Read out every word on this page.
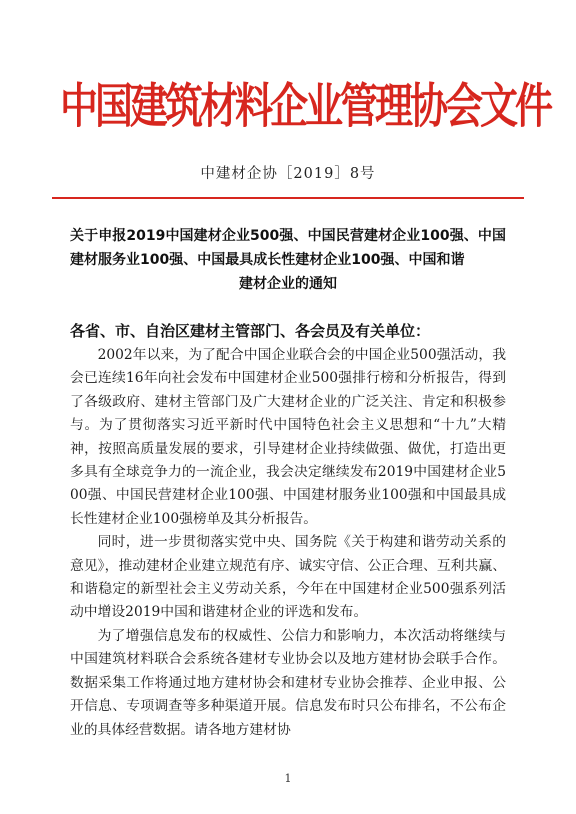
中国建筑材料企业管理协会文件
中建材企协［2019］8号
关于申报2019中国建材企业500强、中国民营建材企业100强、中国建材服务业100强、中国最具成长性建材企业100强、中国和谐
建材企业的通知
各省、市、自治区建材主管部门、各会员及有关单位：

2002年以来，为了配合中国企业联合会的中国企业500强活动，我会已连续16年向社会发布中国建材企业500强排行榜和分析报告，得到了各级政府、建材主管部门及广大建材企业的广泛关注、肯定和积极参与。为了贯彻落实习近平新时代中国特色社会主义思想和“十九”大精神，按照高质量发展的要求，引导建材企业持续做强、做优，打造出更多具有全球竞争力的一流企业，我会决定继续发布2019中国建材企业500强、中国民营建材企业100强、中国建材服务业100强和中国最具成长性建材企业100强榜单及其分析报告。

同时，进一步贯彻落实党中央、国务院《关于构建和谐劳动关系的意见》，推动建材企业建立规范有序、诚实守信、公正合理、互利共赢、和谐稳定的新型社会主义劳动关系，今年在中国建材企业500强系列活动中增设2019中国和谐建材企业的评选和发布。

为了增强信息发布的权威性、公信力和影响力，本次活动将继续与中国建筑材料联合会系统各建材专业协会以及地方建材协会联手合作。数据采集工作将通过地方建材协会和建材专业协会推荐、企业申报、公开信息、专项调查等多种渠道开展。信息发布时只公布排名，不公布企业的具体经营数据。请各地方建材协

1
